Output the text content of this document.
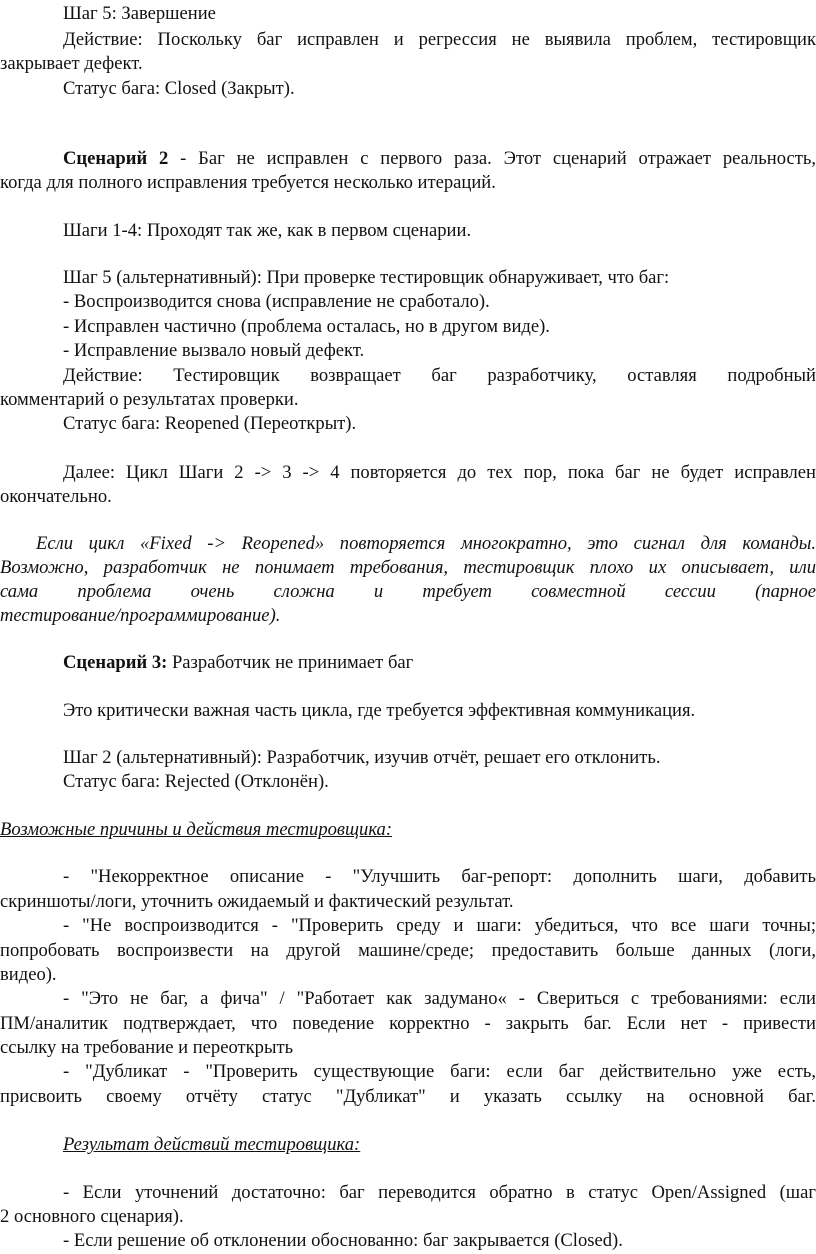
Шаг 5: Завершение
Действие: Поскольку баг исправлен и регрессия не выявила проблем, тестировщик
закрывает дефект.
Статус бага: Closed (Закрыт).
Сценарий 2 - Баг не исправлен с первого раза. Этот сценарий отражает реальность,
когда для полного исправления требуется несколько итераций.
Шаги 1-4: Проходят так же, как в первом сценарии.
Шаг 5 (альтернативный): При проверке тестировщик обнаруживает, что баг:
- Воспроизводится снова (исправление не сработало).
- Исправлен частично (проблема осталась, но в другом виде).
- Исправление вызвало новый дефект.
Действие: Тестировщик возвращает баг разработчику, оставляя подробный
комментарий о результатах проверки.
Статус бага: Reopened (Переоткрыт).
Далее: Цикл Шаги 2 -> 3 -> 4 повторяется до тех пор, пока баг не будет исправлен
окончательно.
Если цикл «Fixed -> Reopened» повторяется многократно, это сигнал для команды.
Возможно, разработчик не понимает требования, тестировщик плохо их описывает, или
сама проблема очень сложна и требует совместной сессии (парное
тестирование/программирование).
Сценарий 3: Разработчик не принимает баг
Это критически важная часть цикла, где требуется эффективная коммуникация.
Шаг 2 (альтернативный): Разработчик, изучив отчёт, решает его отклонить.
Статус бага: Rejected (Отклонён).
Возможные причины и действия тестировщика:
- "Некорректное описание - "Улучшить баг-репорт: дополнить шаги, добавить
скриншоты/логи, уточнить ожидаемый и фактический результат.
- "Не воспроизводится - "Проверить среду и шаги: убедиться, что все шаги точны;
попробовать воспроизвести на другой машине/среде; предоставить больше данных (логи,
видео).
- "Это не баг, а фича" / "Работает как задумано« - Свериться с требованиями: если
ПМ/аналитик подтверждает, что поведение корректно - закрыть баг. Если нет - привести
ссылку на требование и переоткрыть
- "Дубликат - "Проверить существующие баги: если баг действительно уже есть,
присвоить своему отчёту статус "Дубликат" и указать ссылку на основной баг.
Результат действий тестировщика:
- Если уточнений достаточно: баг переводится обратно в статус Open/Assigned (шаг
2 основного сценария).
- Если решение об отклонении обоснованно: баг закрывается (Closed).
